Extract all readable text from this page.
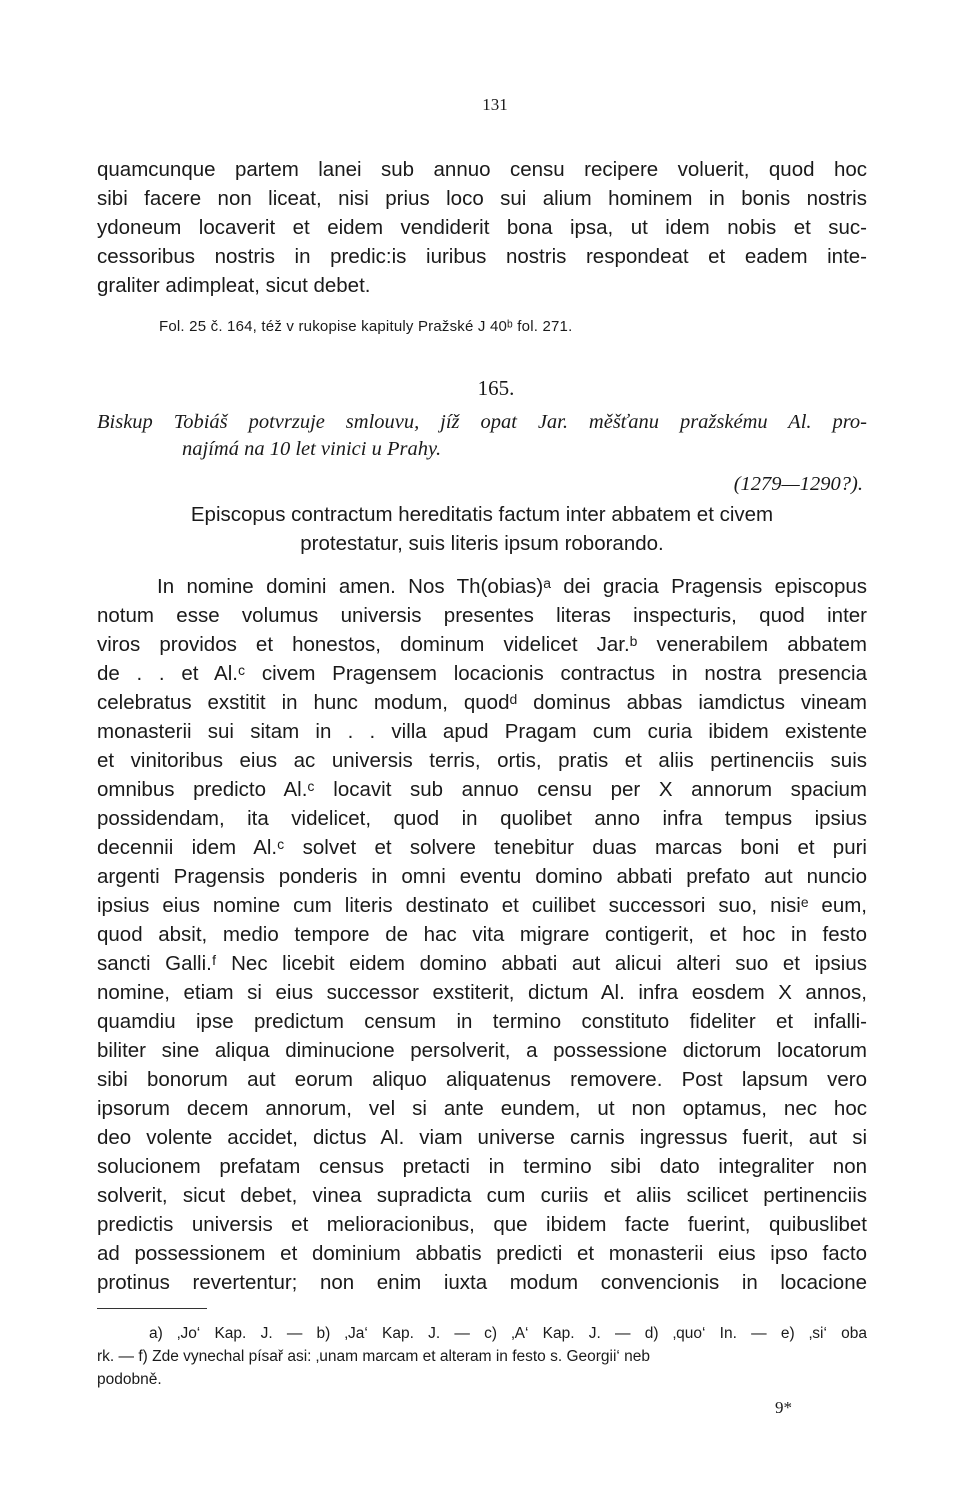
131

quamcunque partem lanei sub annuo censu recipere voluerit, quod hoc

sibi facere non liceat, nisi prius loco sui alium hominem in bonis nostris

ydoneum locaverit et eidem vendiderit bona ipsa, ut idem nobis et suc-

cessoribus nostris in predic:is iuribus nostris respondeat et eadem inte-

graliter adimpleat, sicut debet.

Fol. 25 č. 164, též v rukopise kapituly Pražské J 40ᵇ fol. 271.
165.
Biskup Tobiáš potvrzuje smlouvu, jíž opat Jar. měšťanu pražskému Al. pro-
najímá na 10 let vinici u Prahy.
(1279—1290?).
Episcopus contractum hereditatis factum inter abbatem et civem
protestatur, suis literis ipsum roborando.

In nomine domini amen. Nos Th(obias)ᵃ dei gracia Pragensis episcopus

notum esse volumus universis presentes literas inspecturis, quod inter

viros providos et honestos, dominum videlicet Jar.ᵇ venerabilem abbatem

de . . et Al.ᶜ civem Pragensem locacionis contractus in nostra presencia

celebratus exstitit in hunc modum, quodᵈ dominus abbas iamdictus vineam

monasterii sui sitam in . . villa apud Pragam cum curia ibidem existente

et vinitoribus eius ac universis terris, ortis, pratis et aliis pertinenciis suis

omnibus predicto Al.ᶜ locavit sub annuo censu per X annorum spacium

possidendam, ita videlicet, quod in quolibet anno infra tempus ipsius

decennii idem Al.ᶜ solvet et solvere tenebitur duas marcas boni et puri

argenti Pragensis ponderis in omni eventu domino abbati prefato aut nuncio

ipsius eius nomine cum literis destinato et cuilibet successori suo, nisiᵉ eum,

quod absit, medio tempore de hac vita migrare contigerit, et hoc in festo

sancti Galli.ᶠ Nec licebit eidem domino abbati aut alicui alteri suo et ipsius

nomine, etiam si eius successor exstiterit, dictum Al. infra eosdem X annos,

quamdiu ipse predictum censum in termino constituto fideliter et infalli-

biliter sine aliqua diminucione persolverit, a possessione dictorum locatorum

sibi bonorum aut eorum aliquo aliquatenus removere. Post lapsum vero

ipsorum decem annorum, vel si ante eundem, ut non optamus, nec hoc

deo volente accidet, dictus Al. viam universe carnis ingressus fuerit, aut si

solucionem prefatam census pretacti in termino sibi dato integraliter non

solverit, sicut debet, vinea supradicta cum curiis et aliis scilicet pertinenciis

predictis universis et melioracionibus, que ibidem facte fuerint, quibuslibet

ad possessionem et dominium abbatis predicti et monasterii eius ipso facto

protinus revertentur; non enim iuxta modum convencionis in locacione

a) ‚Jo‘ Kap. J. — b) ‚Ja‘ Kap. J. — c) ‚A‘ Kap. J. — d) ‚quo‘ In. — e) ‚si‘ oba
rk. — f) Zde vynechal písař asi: ‚unam marcam et alteram in festo s. Georgii‘ neb
podobně.
9*
